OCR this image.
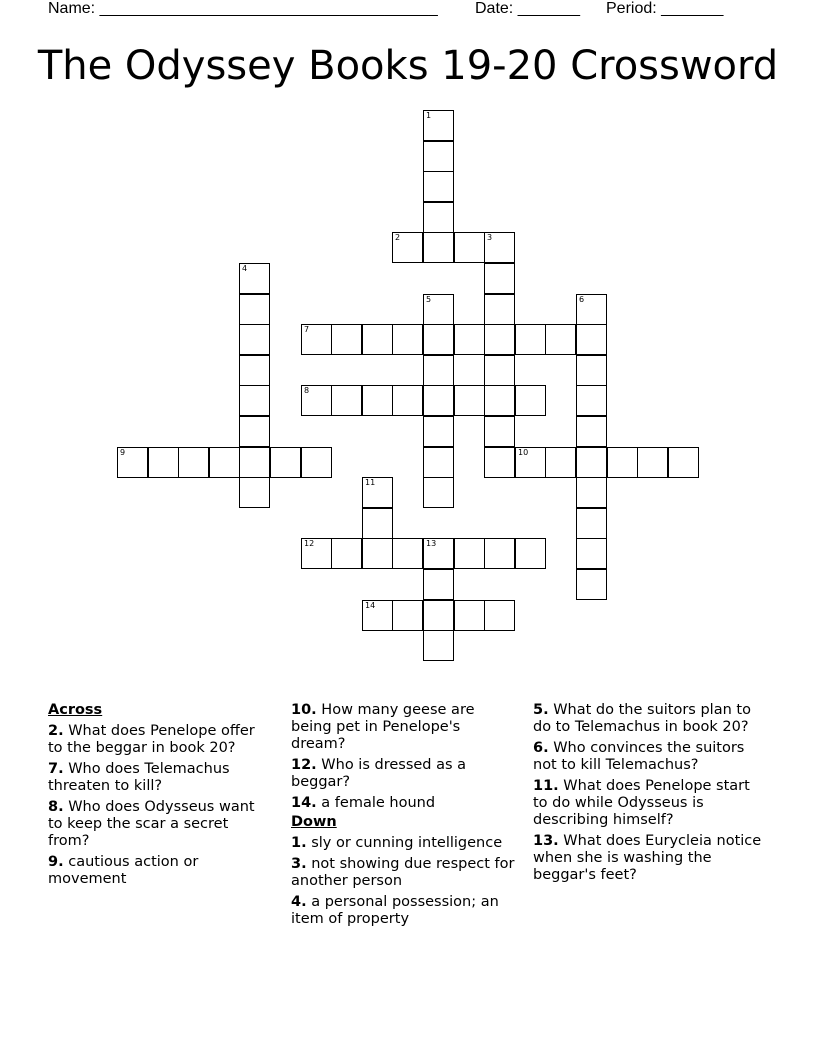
Name: ______________________________________ Date: _______ Period: _______
The Odyssey Books 19-20 Crossword
1
2	3
4
5	6
7
8
9	10
11
12	13
14
Across
2. What does Penelope offer to the beggar in book 20?
7. Who does Telemachus threaten to kill?
8. Who does Odysseus want to keep the scar a secret from?
9. cautious action or movement
10. How many geese are being pet in Penelope's dream?
12. Who is dressed as a beggar?
14. a female hound
Down
1. sly or cunning intelligence
3. not showing due respect for another person
4. a personal possession; an item of property
5. What do the suitors plan to do to Telemachus in book 20?
6. Who convinces the suitors not to kill Telemachus?
11. What does Penelope start to do while Odysseus is describing himself?
13. What does Eurycleia notice when she is washing the beggar's feet?
